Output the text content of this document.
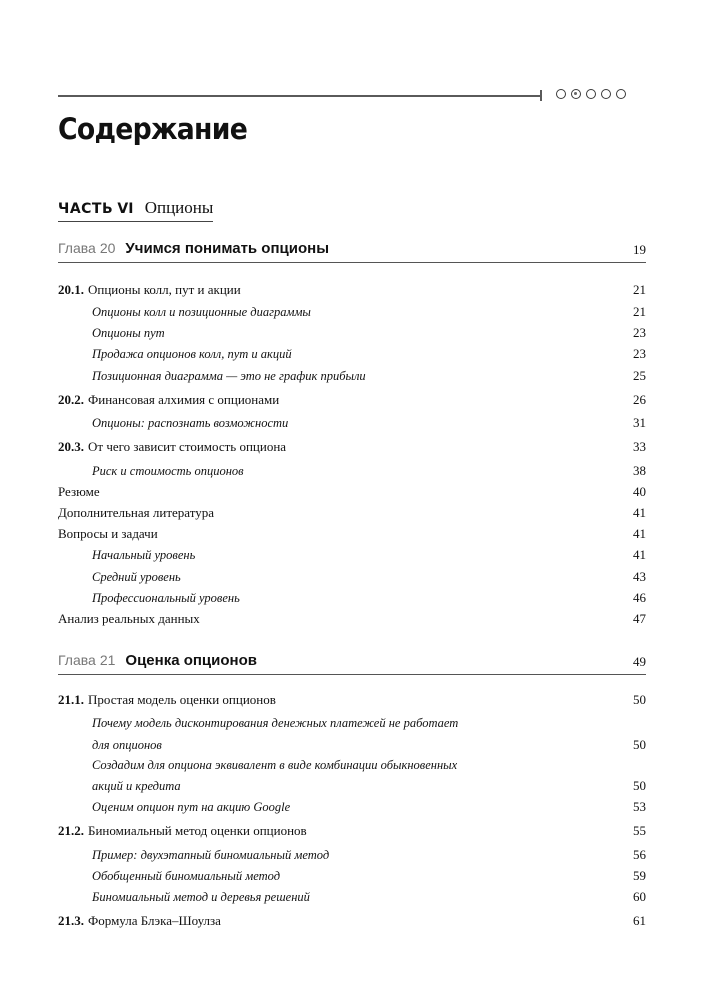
Содержание
ЧАСТЬ VI Опционы
Глава 20 Учимся понимать опционы	19
20.1. Опционы колл, пут и акции	21
Опционы колл и позиционные диаграммы	21
Опционы пут	23
Продажа опционов колл, пут и акций	23
Позиционная диаграмма — это не график прибыли	25
20.2. Финансовая алхимия с опционами	26
Опционы: распознать возможности	31
20.3. От чего зависит стоимость опциона	33
Риск и стоимость опционов	38
Резюме	40
Дополнительная литература	41
Вопросы и задачи	41
Начальный уровень	41
Средний уровень	43
Профессиональный уровень	46
Анализ реальных данных	47
Глава 21 Оценка опционов	49
21.1. Простая модель оценки опционов	50
Почему модель дисконтирования денежных платежей не работает
для опционов	50
Создадим для опциона эквивалент в виде комбинации обыкновенных
акций и кредита	50
Оценим опцион пут на акцию Google	53
21.2. Биномиальный метод оценки опционов	55
Пример: двухэтапный биномиальный метод	56
Обобщенный биномиальный метод	59
Биномиальный метод и деревья решений	60
21.3. Формула Блэка–Шоулза	61
